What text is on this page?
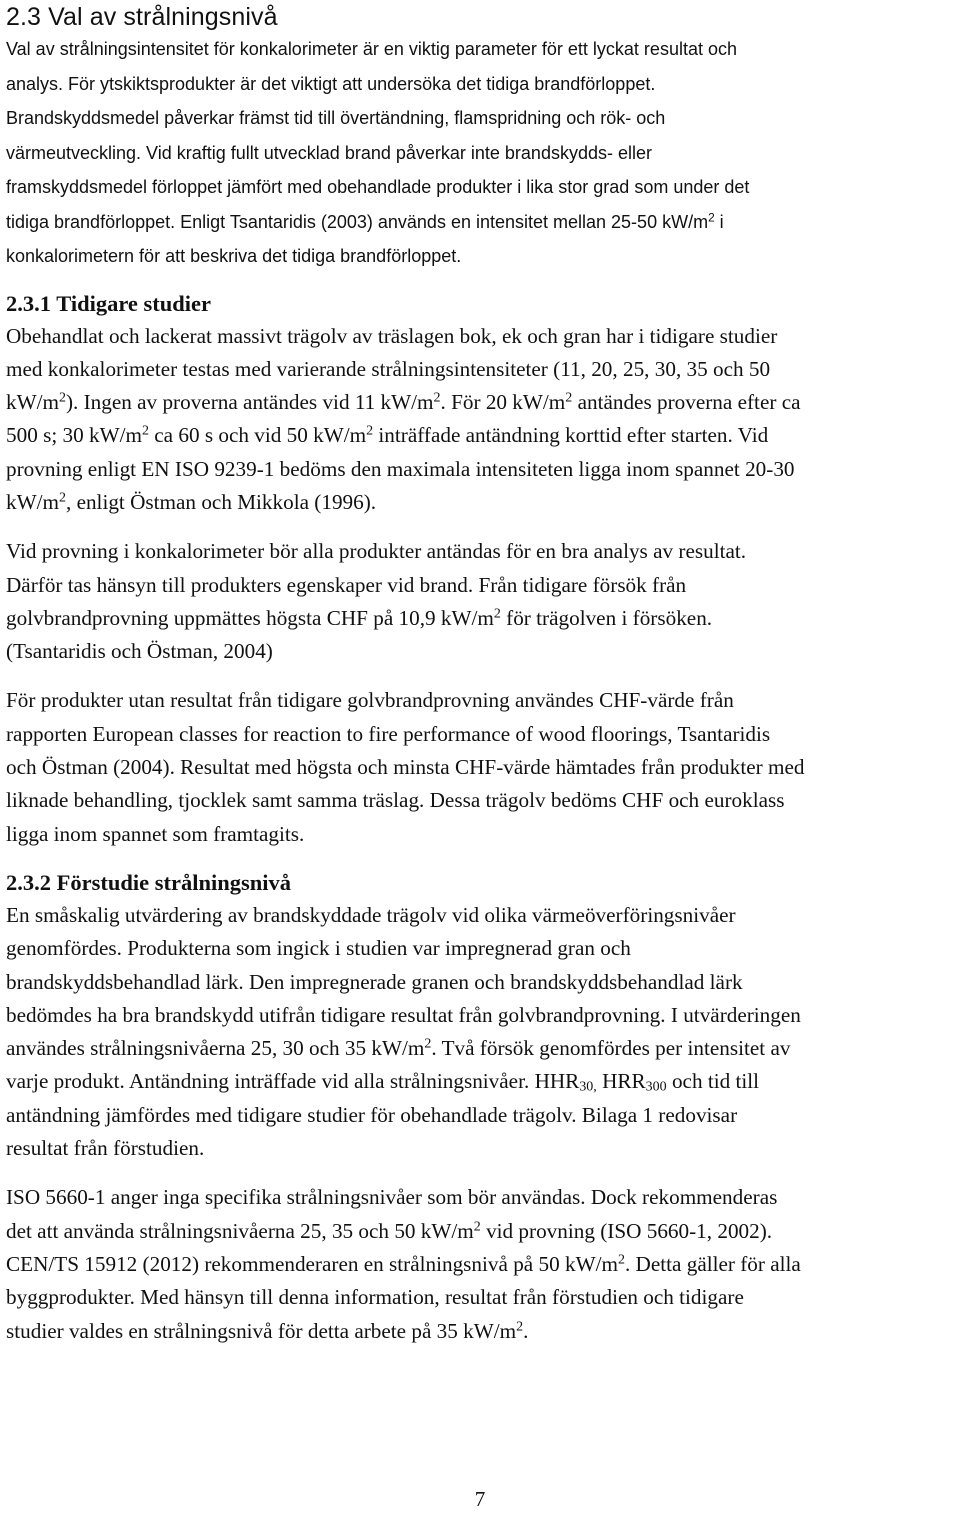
2.3 Val av strålningsnivå

Val av strålningsintensitet för konkalorimeter är en viktig parameter för ett lyckat resultat och
analys. För ytskiktsprodukter är det viktigt att undersöka det tidiga brandförloppet.
Brandskyddsmedel påverkar främst tid till övertändning, flamspridning och rök- och
värmeutveckling. Vid kraftig fullt utvecklad brand påverkar inte brandskydds- eller
framskyddsmedel förloppet jämfört med obehandlade produkter i lika stor grad som under det
tidiga brandförloppet. Enligt Tsantaridis (2003) används en intensitet mellan 25-50 $kW/m^2$ i
konkalorimetern för att beskriva det tidiga brandförloppet.

2.3.1 Tidigare studier

Obehandlat och lackerat massivt trägolv av träslagen bok, ek och gran har i tidigare studier
med konkalorimeter testas med varierande strålningsintensiteter (11, 20, 25, 30, 35 och 50
$kW/m^2$). Ingen av proverna antändes vid 11 $kW/m^2$. För 20 $kW/m^2$ antändes proverna efter ca
500 s; 30 $kW/m^2$ ca 60 s och vid 50 $kW/m^2$ inträffade antändning korttid efter starten. Vid
provning enligt EN ISO 9239-1 bedöms den maximala intensiteten ligga inom spannet 20-30
$kW/m^2$, enligt Östman och Mikkola (1996).

Vid provning i konkalorimeter bör alla produkter antändas för en bra analys av resultat.
Därför tas hänsyn till produkters egenskaper vid brand. Från tidigare försök från
golvbrandprovning uppmättes högsta CHF på 10,9 $kW/m^2$ för trägolven i försöken.
(Tsantaridis och Östman, 2004)

För produkter utan resultat från tidigare golvbrandprovning användes CHF-värde från
rapporten European classes for reaction to fire performance of wood floorings, Tsantaridis
och Östman (2004). Resultat med högsta och minsta CHF-värde hämtades från produkter med
liknade behandling, tjocklek samt samma träslag. Dessa trägolv bedöms CHF och euroklass
ligga inom spannet som framtagits.

2.3.2 Förstudie strålningsnivå

En småskalig utvärdering av brandskyddade trägolv vid olika värmeöverföringsnivåer
genomfördes. Produkterna som ingick i studien var impregnerad gran och
brandskyddsbehandlad lärk. Den impregnerade granen och brandskyddsbehandlad lärk
bedömdes ha bra brandskydd utifrån tidigare resultat från golvbrandprovning. I utvärderingen
användes strålningsnivåerna 25, 30 och 35 $kW/m^2$. Två försök genomfördes per intensitet av
varje produkt. Antändning inträffade vid alla strålningsnivåer. $HHR_{30,}$ $HRR_{300}$ och tid till
antändning jämfördes med tidigare studier för obehandlade trägolv. Bilaga 1 redovisar
resultat från förstudien.

ISO 5660-1 anger inga specifika strålningsnivåer som bör användas. Dock rekommenderas
det att använda strålningsnivåerna 25, 35 och 50 $kW/m^2$ vid provning (ISO 5660-1, 2002).
CEN/TS 15912 (2012) rekommenderaren en strålningsnivå på 50 $kW/m^2$. Detta gäller för alla
byggprodukter. Med hänsyn till denna information, resultat från förstudien och tidigare
studier valdes en strålningsnivå för detta arbete på 35 $kW/m^2$.

7
